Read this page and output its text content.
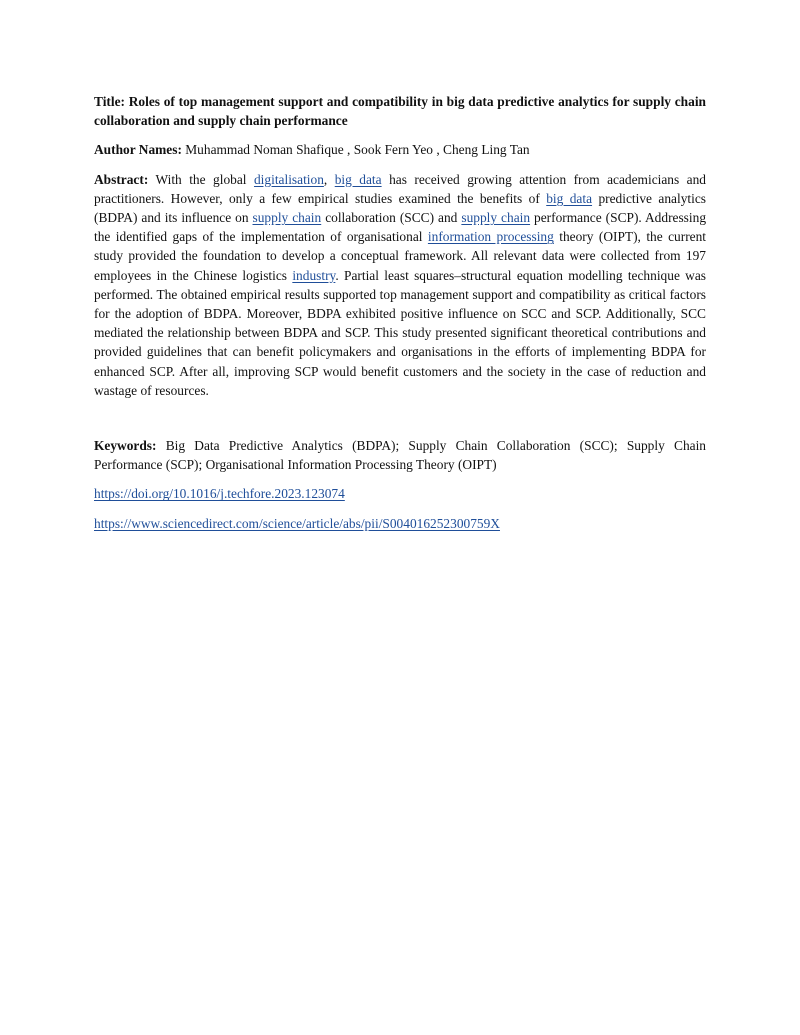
Title: Roles of top management support and compatibility in big data predictive analytics for supply chain collaboration and supply chain performance

Author Names: Muhammad Noman Shafique , Sook Fern Yeo , Cheng Ling Tan

Abstract: With the global digitalisation, big data has received growing attention from academicians and practitioners. However, only a few empirical studies examined the benefits of big data predictive analytics (BDPA) and its influence on supply chain collaboration (SCC) and supply chain performance (SCP). Addressing the identified gaps of the implementation of organisational information processing theory (OIPT), the current study provided the foundation to develop a conceptual framework. All relevant data were collected from 197 employees in the Chinese logistics industry. Partial least squares–structural equation modelling technique was performed. The obtained empirical results supported top management support and compatibility as critical factors for the adoption of BDPA. Moreover, BDPA exhibited positive influence on SCC and SCP. Additionally, SCC mediated the relationship between BDPA and SCP. This study presented significant theoretical contributions and provided guidelines that can benefit policymakers and organisations in the efforts of implementing BDPA for enhanced SCP. After all, improving SCP would benefit customers and the society in the case of reduction and wastage of resources.

Keywords: Big Data Predictive Analytics (BDPA); Supply Chain Collaboration (SCC); Supply Chain Performance (SCP); Organisational Information Processing Theory (OIPT)

https://doi.org/10.1016/j.techfore.2023.123074

https://www.sciencedirect.com/science/article/abs/pii/S004016252300759X
